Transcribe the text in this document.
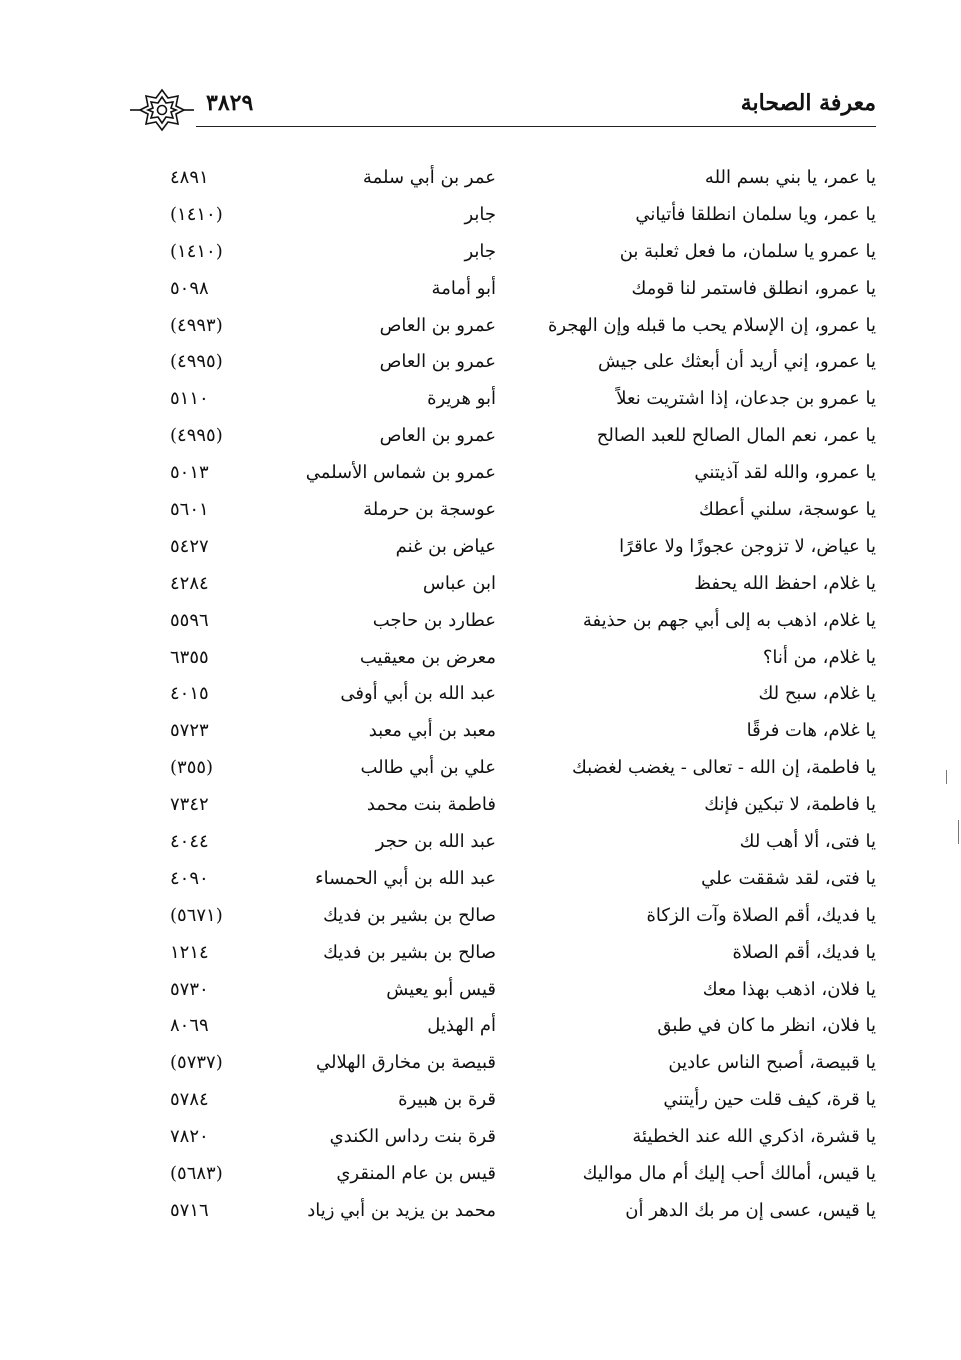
معرفة الصحابة
٣٨٢٩
يا عمر، يا بني بسم الله
عمر بن أبي سلمة
٤٨٩١
يا عمر، ويا سلمان انطلقا فأتياني
جابر
(١٤١٠)
يا عمرو يا سلمان، ما فعل ثعلبة بن
جابر
(١٤١٠)
يا عمرو، انطلق فاستمر لنا قومك
أبو أمامة
٥٠٩٨
يا عمرو، إن الإسلام يحب ما قبله وإن الهجرة
عمرو بن العاص
(٤٩٩٣)
يا عمرو، إني أريد أن أبعثك على جيش
عمرو بن العاص
(٤٩٩٥)
يا عمرو بن جدعان، إذا اشتريت نعلاً
أبو هريرة
٥١١٠
يا عمر، نعم المال الصالح للعبد الصالح
عمرو بن العاص
(٤٩٩٥)
يا عمرو، والله لقد آذيتني
عمرو بن شماس الأسلمي
٥٠١٣
يا عوسجة، سلني أعطك
عوسجة بن حرملة
٥٦٠١
يا عياض، لا تزوجن عجوزًا ولا عاقرًا
عياض بن غنم
٥٤٢٧
يا غلام، احفظ الله يحفظ
ابن عباس
٤٢٨٤
يا غلام، اذهب به إلى أبي جهم بن حذيفة
عطارد بن حاجب
٥٥٩٦
يا غلام، من أنا؟
معرض بن معيقيب
٦٣٥٥
يا غلام، سبح لك
عبد الله بن أبي أوفى
٤٠١٥
يا غلام، هات فرقًا
معبد بن أبي معبد
٥٧٢٣
يا فاطمة، إن الله - تعالى - يغضب لغضبك
علي بن أبي طالب
(٣٥٥)
يا فاطمة، لا تبكين فإنك
فاطمة بنت محمد
٧٣٤٢
يا فتى، ألا أهب لك
عبد الله بن حجر
٤٠٤٤
يا فتى، لقد شققت علي
عبد الله بن أبي الحمساء
٤٠٩٠
يا فديك، أقم الصلاة وآت الزكاة
صالح بن بشير بن فديك
(٥٦٧١)
يا فديك، أقم الصلاة
صالح بن بشير بن فديك
١٢١٤
يا فلان، اذهب بهذا معك
قيس أبو يعيش
٥٧٣٠
يا فلان، انظر ما كان في طبق
أم الهذيل
٨٠٦٩
يا قبيصة، أصبح الناس عادين
قبيصة بن مخارق الهلالي
(٥٧٣٧)
يا قرة، كيف قلت حين رأيتني
قرة بن هبيرة
٥٧٨٤
يا قشرة، اذكري الله عند الخطيئة
قرة بنت رداس الكندي
٧٨٢٠
يا قيس، أمالك أحب إليك أم مال مواليك
قيس بن عام المنقري
(٥٦٨٣)
يا قيس، عسى إن مر بك الدهر أن
محمد بن يزيد بن أبي زياد
٥٧١٦
